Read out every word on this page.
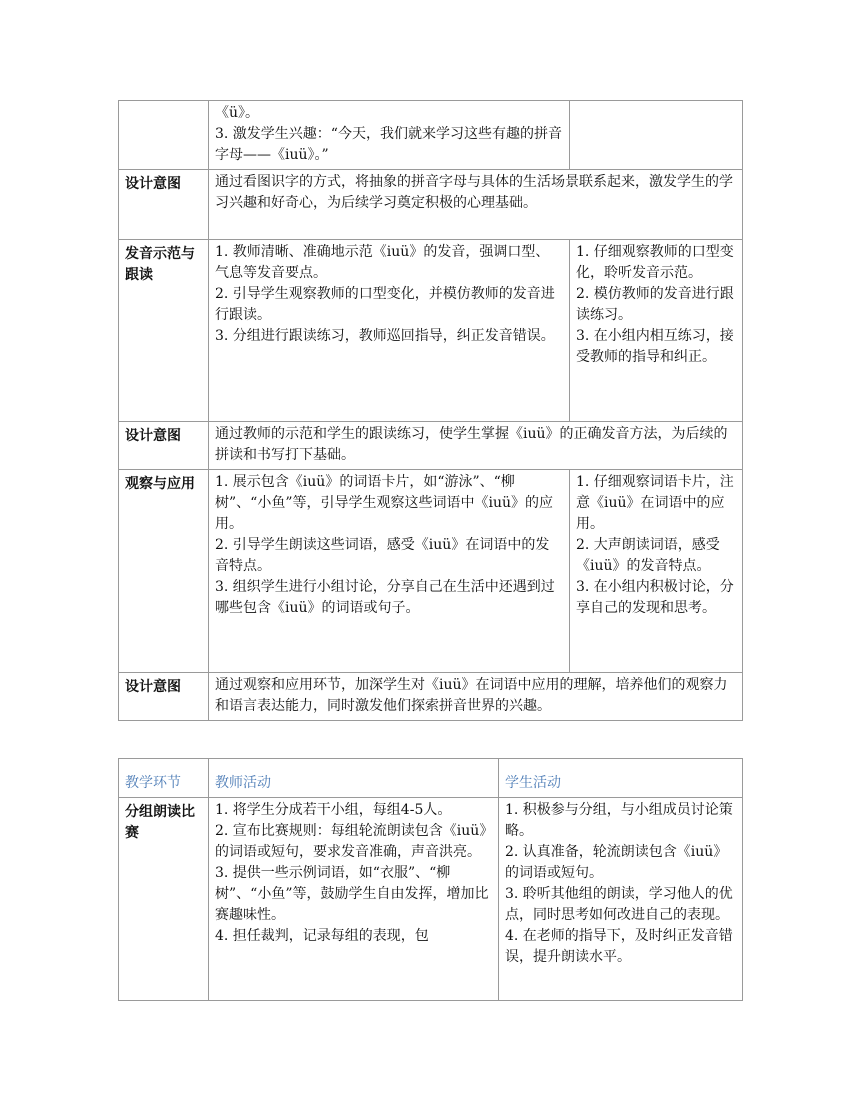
	《ü》。
3. 激发学生兴趣：“今天，我们就来学习这些有趣的拼音字母——《iuü》。”	

设计意图	通过看图识字的方式，将抽象的拼音字母与具体的生活场景联系起来，激发学生的学习兴趣和好奇心，为后续学习奠定积极的心理基础。	
发音示范与跟读	1. 教师清晰、准确地示范《iuü》的发音，强调口型、气息等发音要点。
2. 引导学生观察教师的口型变化，并模仿教师的发音进行跟读。
3. 分组进行跟读练习，教师巡回指导，纠正发音错误。	1. 仔细观察教师的口型变化，聆听发音示范。
2. 模仿教师的发音进行跟读练习。
3. 在小组内相互练习，接受教师的指导和纠正。

设计意图	通过教师的示范和学生的跟读练习，使学生掌握《iuü》的正确发音方法，为后续的拼读和书写打下基础。	
观察与应用	1. 展示包含《iuü》的词语卡片，如“游泳”、“柳树”、“小鱼”等，引导学生观察这些词语中《iuü》的应用。
2. 引导学生朗读这些词语，感受《iuü》在词语中的发音特点。
3. 组织学生进行小组讨论，分享自己在生活中还遇到过哪些包含《iuü》的词语或句子。	1. 仔细观察词语卡片，注意《iuü》在词语中的应用。
2. 大声朗读词语，感受《iuü》的发音特点。
3. 在小组内积极讨论，分享自己的发现和思考。

设计意图	通过观察和应用环节，加深学生对《iuü》在词语中应用的理解，培养他们的观察力和语言表达能力，同时激发他们探索拼音世界的兴趣。	
教学环节	教师活动	学生活动
分组朗读比赛	1. 将学生分成若干小组，每组4-5人。
2. 宣布比赛规则：每组轮流朗读包含《iuü》的词语或短句，要求发音准确，声音洪亮。
3. 提供一些示例词语，如“衣服”、“柳树”、“小鱼”等，鼓励学生自由发挥，增加比赛趣味性。
4. 担任裁判，记录每组的表现，包	1. 积极参与分组，与小组成员讨论策略。
2. 认真准备，轮流朗读包含《iuü》的词语或短句。
3. 聆听其他组的朗读，学习他人的优点，同时思考如何改进自己的表现。
4. 在老师的指导下，及时纠正发音错误，提升朗读水平。
